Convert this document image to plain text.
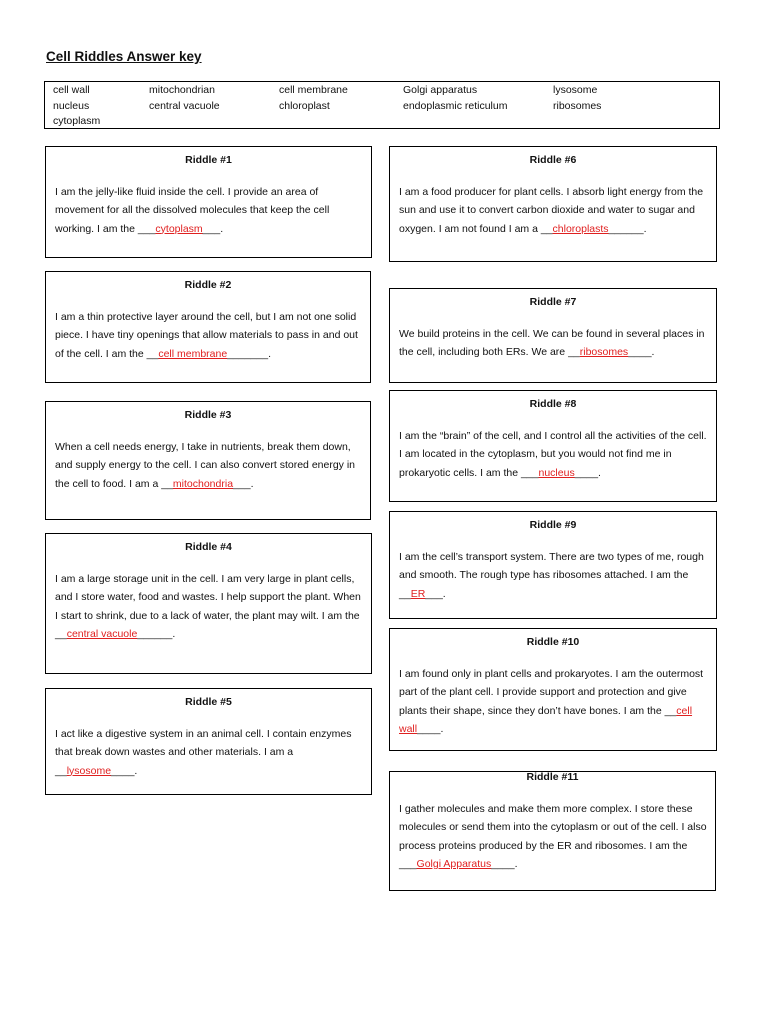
Cell Riddles Answer key
cell wall	mitochondrian	cell membrane	Golgi apparatus	lysosome
nucleus	central vacuole	chloroplast	endoplasmic reticulum	ribosomes
cytoplasm
Riddle #1

I am the jelly-like fluid inside the cell. I provide an area of movement for all the dissolved molecules that keep the cell working. I am the ___cytoplasm___.

Riddle #2

I am a thin protective layer around the cell, but I am not one solid piece. I have tiny openings that allow materials to pass in and out of the cell. I am the __cell membrane_______.

Riddle #3

When a cell needs energy, I take in nutrients, break them down, and supply energy to the cell. I can also convert stored energy in the cell to food. I am a __mitochondria___.

Riddle #4

I am a large storage unit in the cell. I am very large in plant cells, and I store water, food and wastes. I help support the plant. When I start to shrink, due to a lack of water, the plant may wilt. I am the __central vacuole______.

Riddle #5

I act like a digestive system in an animal cell. I contain enzymes that break down wastes and other materials. I am a __lysosome____.

Riddle #6

I am a food producer for plant cells. I absorb light energy from the sun and use it to convert carbon dioxide and water to sugar and oxygen. I am not found I am a __chloroplasts______.

Riddle #7

We build proteins in the cell. We can be found in several places in the cell, including both ERs. We are __ribosomes____.

Riddle #8

I am the “brain” of the cell, and I control all the activities of the cell. I am located in the cytoplasm, but you would not find me in prokaryotic cells. I am the ___nucleus____.

Riddle #9

I am the cell’s transport system. There are two types of me, rough and smooth. The rough type has ribosomes attached. I am the __ER___.

Riddle #10

I am found only in plant cells and prokaryotes. I am the outermost part of the plant cell. I provide support and protection and give plants their shape, since they don’t have bones. I am the __cell wall____.

Riddle #11

I gather molecules and make them more complex. I store these molecules or send them into the cytoplasm or out of the cell. I also process proteins produced by the ER and ribosomes. I am the ___Golgi Apparatus____.
